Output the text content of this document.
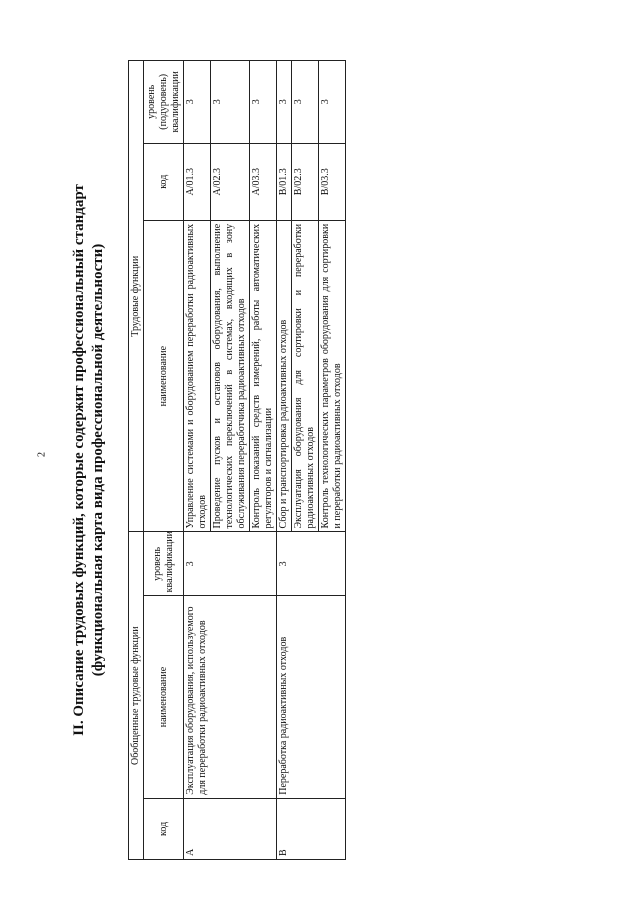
2 II. Описание трудовых функций, которые содержит профессиональный стандарт (функциональная карта вида профессиональной деятельности)
Обобщенные трудовые функции			Трудовые функции		
код	наименование	уровень квалификации	наименование	код	уровень (подуровень) квалификации
A	Эксплуатация оборудования, используемого для переработки радиоактивных отходов	3	Управление системами и оборудованием переработки радиоактивных отходов	A/01.3	3
			Проведение пусков и остановов оборудования, выполнение технологических переключений в системах, входящих в зону обслуживания переработчика радиоактивных отходов	A/02.3	3
			Контроль показаний средств измерений, работы автоматических регуляторов и сигнализации	A/03.3	3
B	Переработка радиоактивных отходов	3	Сбор и транспортировка радиоактивных отходов	B/01.3	3
			Эксплуатация оборудования для сортировки и переработки радиоактивных отходов	B/02.3	3
			Контроль технологических параметров оборудования для сортировки и переработки радиоактивных отходов	B/03.3	3
